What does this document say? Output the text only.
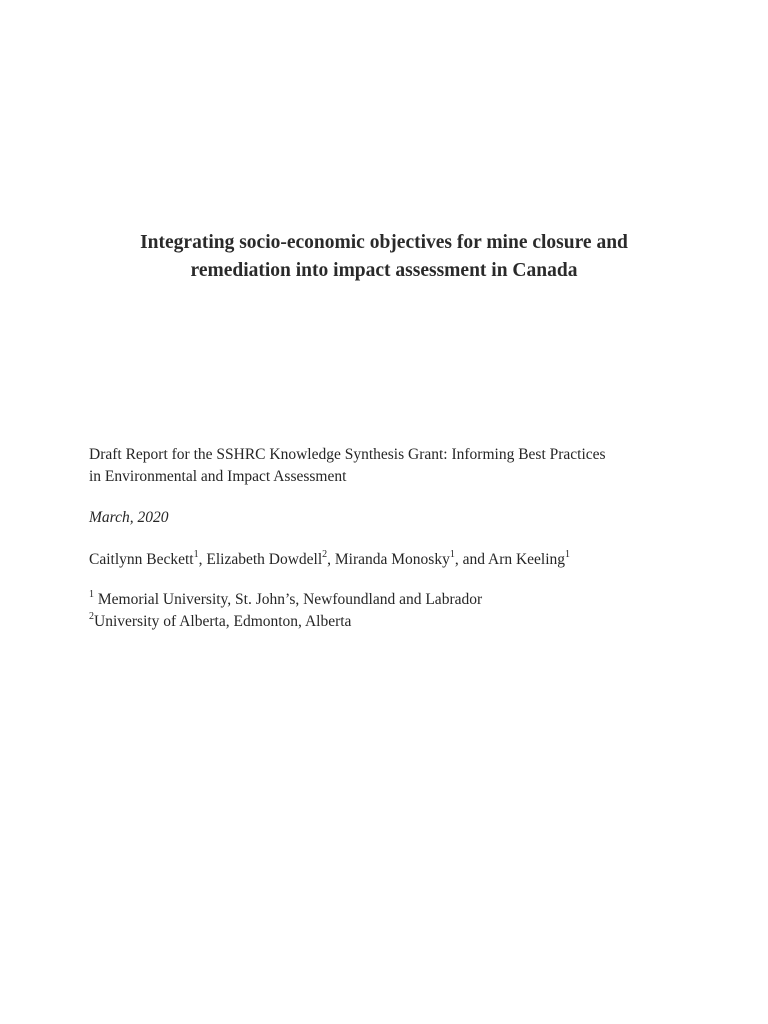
Integrating socio-economic objectives for mine closure and
remediation into impact assessment in Canada

Draft Report for the SSHRC Knowledge Synthesis Grant: Informing Best Practices
in Environmental and Impact Assessment

March, 2020

Caitlynn Beckett$^1$, Elizabeth Dowdell$^2$, Miranda Monosky$^1$, and Arn Keeling$^1$

$^1$ Memorial University, St. John’s, Newfoundland and Labrador
$^2$University of Alberta, Edmonton, Alberta
